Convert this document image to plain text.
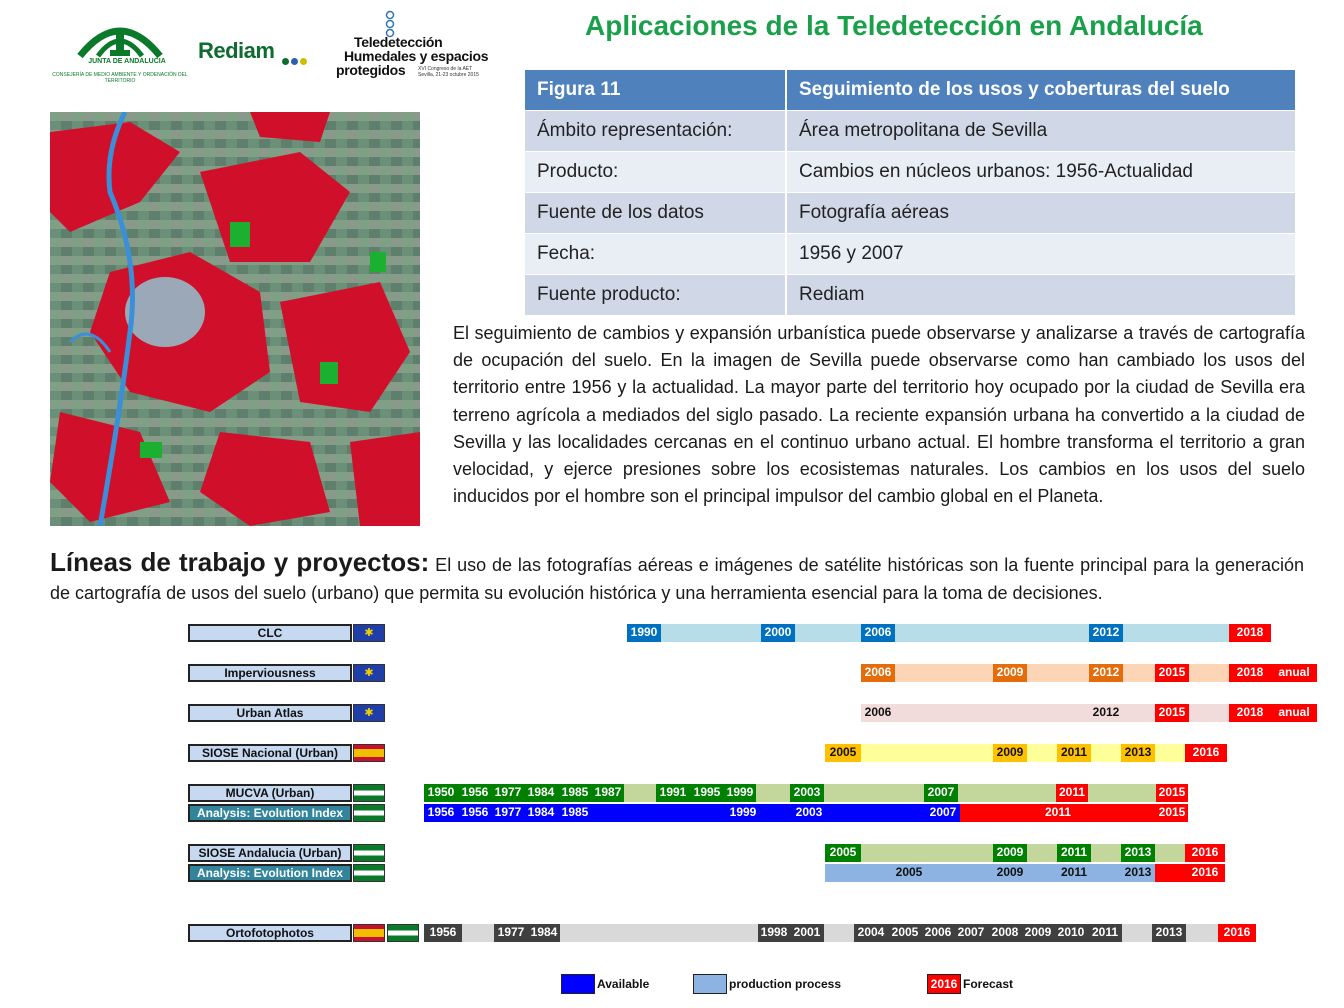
JUNTA DE ANDALUCIA
CONSEJERÍA DE MEDIO AMBIENTE Y ORDENACIÓN DEL TERRITORIO
Rediam	Teledetección
Humedales y espacios
protegidos	XVI Congreso de la AET
Sevilla, 21-23 octubre 2015
Aplicaciones de la Teledetección en Andalucía
Figura 11	Seguimiento de los usos y coberturas del suelo
Ámbito representación:	Área metropolitana de Sevilla
Producto:	Cambios en núcleos urbanos: 1956-Actualidad
Fuente de los datos	Fotografía aéreas
Fecha:	1956 y 2007
Fuente producto:	Rediam
El seguimiento de cambios y expansión urbanística puede observarse y analizarse a través de cartografía de ocupación del suelo. En la imagen de Sevilla puede observarse como han cambiado los usos del territorio entre 1956 y la actualidad. La mayor parte del territorio hoy ocupado por la ciudad de Sevilla era terreno agrícola a mediados del siglo pasado. La reciente expansión urbana ha convertido a la ciudad de Sevilla y las localidades cercanas en el continuo urbano actual. El hombre transforma el territorio a gran velocidad, y ejerce presiones sobre los ecosistemas naturales. Los cambios en los usos del suelo inducidos por el hombre son el principal impulsor del cambio global en el Planeta.
Líneas de trabajo y proyectos: El uso de las fotografías aéreas e imágenes de satélite históricas son la fuente principal para la generación de cartografía de usos del suelo (urbano) que permita su evolución histórica y una herramienta esencial para la toma de decisiones.
CLC ✱	1990	2000	2006	2012	2018
Imperviousness ✱	2006	2009	2012	2015	2018	anual
Urban Atlas ✱	2006	2012	2015	2018	anual
SIOSE Nacional (Urban)	2005	2009	2011	2013	2016
MUCVA (Urban)	1950 1956 1977 1984 1985 1987	1991 1995 1999	2003	2007	2011	2015
Analysis: Evolution Index	1956 1956 1977 1984 1985	1999	2003	2007	2011	2015
SIOSE Andalucia (Urban)	2005	2009	2011	2013	2016
Analysis: Evolution Index	2005	2009	2011	2013	2016
Ortofotophotos	1956	1977 1984	1998 2001	2004 2005 2006 2007 2008 2009 2010 2011	2013	2016
Available	production process	2016 Forecast
